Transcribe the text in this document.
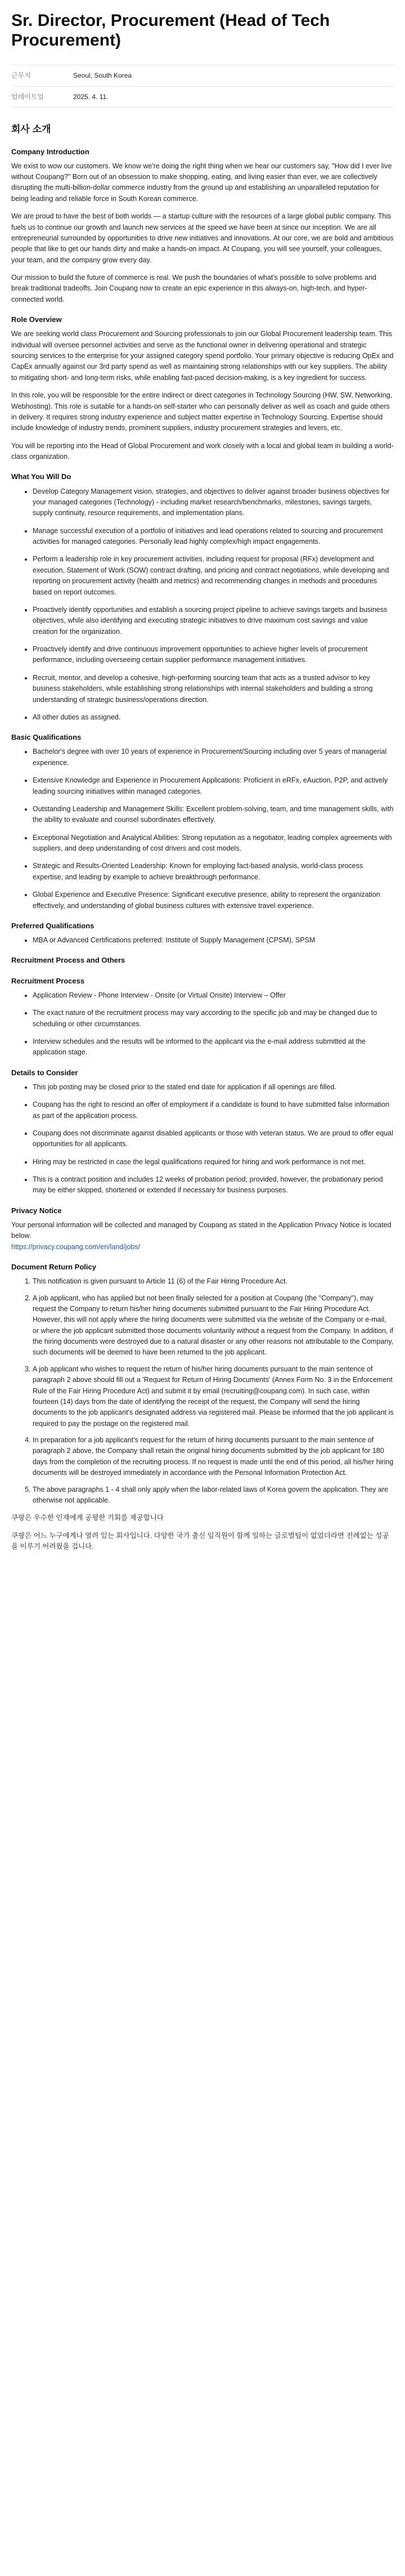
Sr. Director, Procurement (Head of Tech Procurement)
근무지	Seoul, South Korea
업데이트일	2025. 4. 11.
회사 소개
Company Introduction

We exist to wow our customers. We know we're doing the right thing when we hear our customers say, "How did I ever live without Coupang?" Born out of an obsession to make shopping, eating, and living easier than ever, we are collectively disrupting the multi-billion-dollar commerce industry from the ground up and establishing an unparalleled reputation for being leading and reliable force in South Korean commerce.

We are proud to have the best of both worlds — a startup culture with the resources of a large global public company. This fuels us to continue our growth and launch new services at the speed we have been at since our inception. We are all entrepreneurial surrounded by opportunities to drive new initiatives and innovations. At our core, we are bold and ambitious people that like to get our hands dirty and make a hands-on impact. At Coupang, you will see yourself, your colleagues, your team, and the company grow every day.

Our mission to build the future of commerce is real. We push the boundaries of what's possible to solve problems and break traditional tradeoffs. Join Coupang now to create an epic experience in this always-on, high-tech, and hyper-connected world.

Role Overview

We are seeking world class Procurement and Sourcing professionals to join our Global Procurement leadership team. This individual will oversee personnel activities and serve as the functional owner in delivering operational and strategic sourcing services to the enterprise for your assigned category spend portfolio. Your primary objective is reducing OpEx and CapEx annually against our 3rd party spend as well as maintaining strong relationships with our key suppliers. The ability to mitigating short- and long-term risks, while enabling fast-paced decision-making, is a key ingredient for success.

In this role, you will be responsible for the entire indirect or direct categories in Technology Sourcing (HW, SW, Networking, Webhosting). This role is suitable for a hands-on self-starter who can personally deliver as well as coach and guide others in delivery. It requires strong industry experience and subject matter expertise in Technology Sourcing. Expertise should include knowledge of industry trends, prominent suppliers, industry procurement strategies and levers, etc.

You will be reporting into the Head of Global Procurement and work closely with a local and global team in building a world-class organization.

What You Will Do
• Develop Category Management vision, strategies, and objectives to deliver against broader business objectives for your managed categories (Technology) - including market research/benchmarks, milestones, savings targets, supply continuity, resource requirements, and implementation plans.
• Manage successful execution of a portfolio of initiatives and lead operations related to sourcing and procurement activities for managed categories. Personally lead highly complex/high impact engagements.
• Perform a leadership role in key procurement activities, including request for proposal (RFx) development and execution, Statement of Work (SOW) contract drafting, and pricing and contract negotiations, while developing and reporting on procurement activity (health and metrics) and recommending changes in methods and procedures based on report outcomes.
• Proactively identify opportunities and establish a sourcing project pipeline to achieve savings targets and business objectives, while also identifying and executing strategic initiatives to drive maximum cost savings and value creation for the organization.
• Proactively identify and drive continuous improvement opportunities to achieve higher levels of procurement performance, including overseeing certain supplier performance management initiatives.
• Recruit, mentor, and develop a cohesive, high-performing sourcing team that acts as a trusted advisor to key business stakeholders, while establishing strong relationships with internal stakeholders and building a strong understanding of strategic business/operations direction.
• All other duties as assigned.
Basic Qualifications
• Bachelor's degree with over 10 years of experience in Procurement/Sourcing including over 5 years of managerial experience.
• Extensive Knowledge and Experience in Procurement Applications: Proficient in eRFx, eAuction, P2P, and actively leading sourcing initiatives within managed categories.
• Outstanding Leadership and Management Skills: Excellent problem-solving, team, and time management skills, with the ability to evaluate and counsel subordinates effectively.
• Exceptional Negotiation and Analytical Abilities: Strong reputation as a negotiator, leading complex agreements with suppliers, and deep understanding of cost drivers and cost models.
• Strategic and Results-Oriented Leadership: Known for employing fact-based analysis, world-class process expertise, and leading by example to achieve breakthrough performance.
• Global Experience and Executive Presence: Significant executive presence, ability to represent the organization effectively, and understanding of global business cultures with extensive travel experience.
Preferred Qualifications
• MBA or Advanced Certifications preferred: Institute of Supply Management (CPSM), SPSM
Recruitment Process and Others
Recruitment Process
• Application Review - Phone Interview - Onsite (or Virtual Onsite) Interview – Offer
• The exact nature of the recruitment process may vary according to the specific job and may be changed due to scheduling or other circumstances.
• Interview schedules and the results will be informed to the applicant via the e-mail address submitted at the application stage.
Details to Consider
• This job posting may be closed prior to the stated end date for application if all openings are filled.
• Coupang has the right to rescind an offer of employment if a candidate is found to have submitted false information as part of the application process.
• Coupang does not discriminate against disabled applicants or those with veteran status. We are proud to offer equal opportunities for all applicants.
• Hiring may be restricted in case the legal qualifications required for hiring and work performance is not met.
• This is a contract position and includes 12 weeks of probation period; provided, however, the probationary period may be either skipped, shortened or extended if necessary for business purposes.
Privacy Notice

Your personal information will be collected and managed by Coupang as stated in the Application Privacy Notice is located below.
https://privacy.coupang.com/en/land/jobs/

Document Return Policy
1. This notification is given pursuant to Article 11 (6) of the Fair Hiring Procedure Act.
2. A job applicant, who has applied but not been finally selected for a position at Coupang (the "Company"), may request the Company to return his/her hiring documents submitted pursuant to the Fair Hiring Procedure Act. However, this will not apply where the hiring documents were submitted via the website of the Company or e-mail, or where the job applicant submitted those documents voluntarily without a request from the Company. In addition, if the hiring documents were destroyed due to a natural disaster or any other reasons not attributable to the Company, such documents will be deemed to have been returned to the job applicant.
3. A job applicant who wishes to request the return of his/her hiring documents pursuant to the main sentence of paragraph 2 above should fill out a 'Request for Return of Hiring Documents' (Annex Form No. 3 in the Enforcement Rule of the Fair Hiring Procedure Act) and submit it by email (recruiting@coupang.com). In such case, within fourteen (14) days from the date of identifying the receipt of the request, the Company will send the hiring documents to the job applicant's designated address via registered mail. Please be informed that the job applicant is required to pay the postage on the registered mail.
4. In preparation for a job applicant's request for the return of hiring documents pursuant to the main sentence of paragraph 2 above, the Company shall retain the original hiring documents submitted by the job applicant for 180 days from the completion of the recruiting process. If no request is made until the end of this period, all his/her hiring documents will be destroyed immediately in accordance with the Personal Information Protection Act.
5. The above paragraphs 1 - 4 shall only apply when the labor-related laws of Korea govern the application. They are otherwise not applicable.

쿠팡은 우수한 인재에게 공평한 기회를 제공합니다

쿠팡은 어느 누구에게나 열려 있는 회사입니다. 다양한 국가 출신 임직원이 함께 일하는 글로벌팀이 없었더라면 전례없는 성공을 이루기 어려웠을 겁니다.
